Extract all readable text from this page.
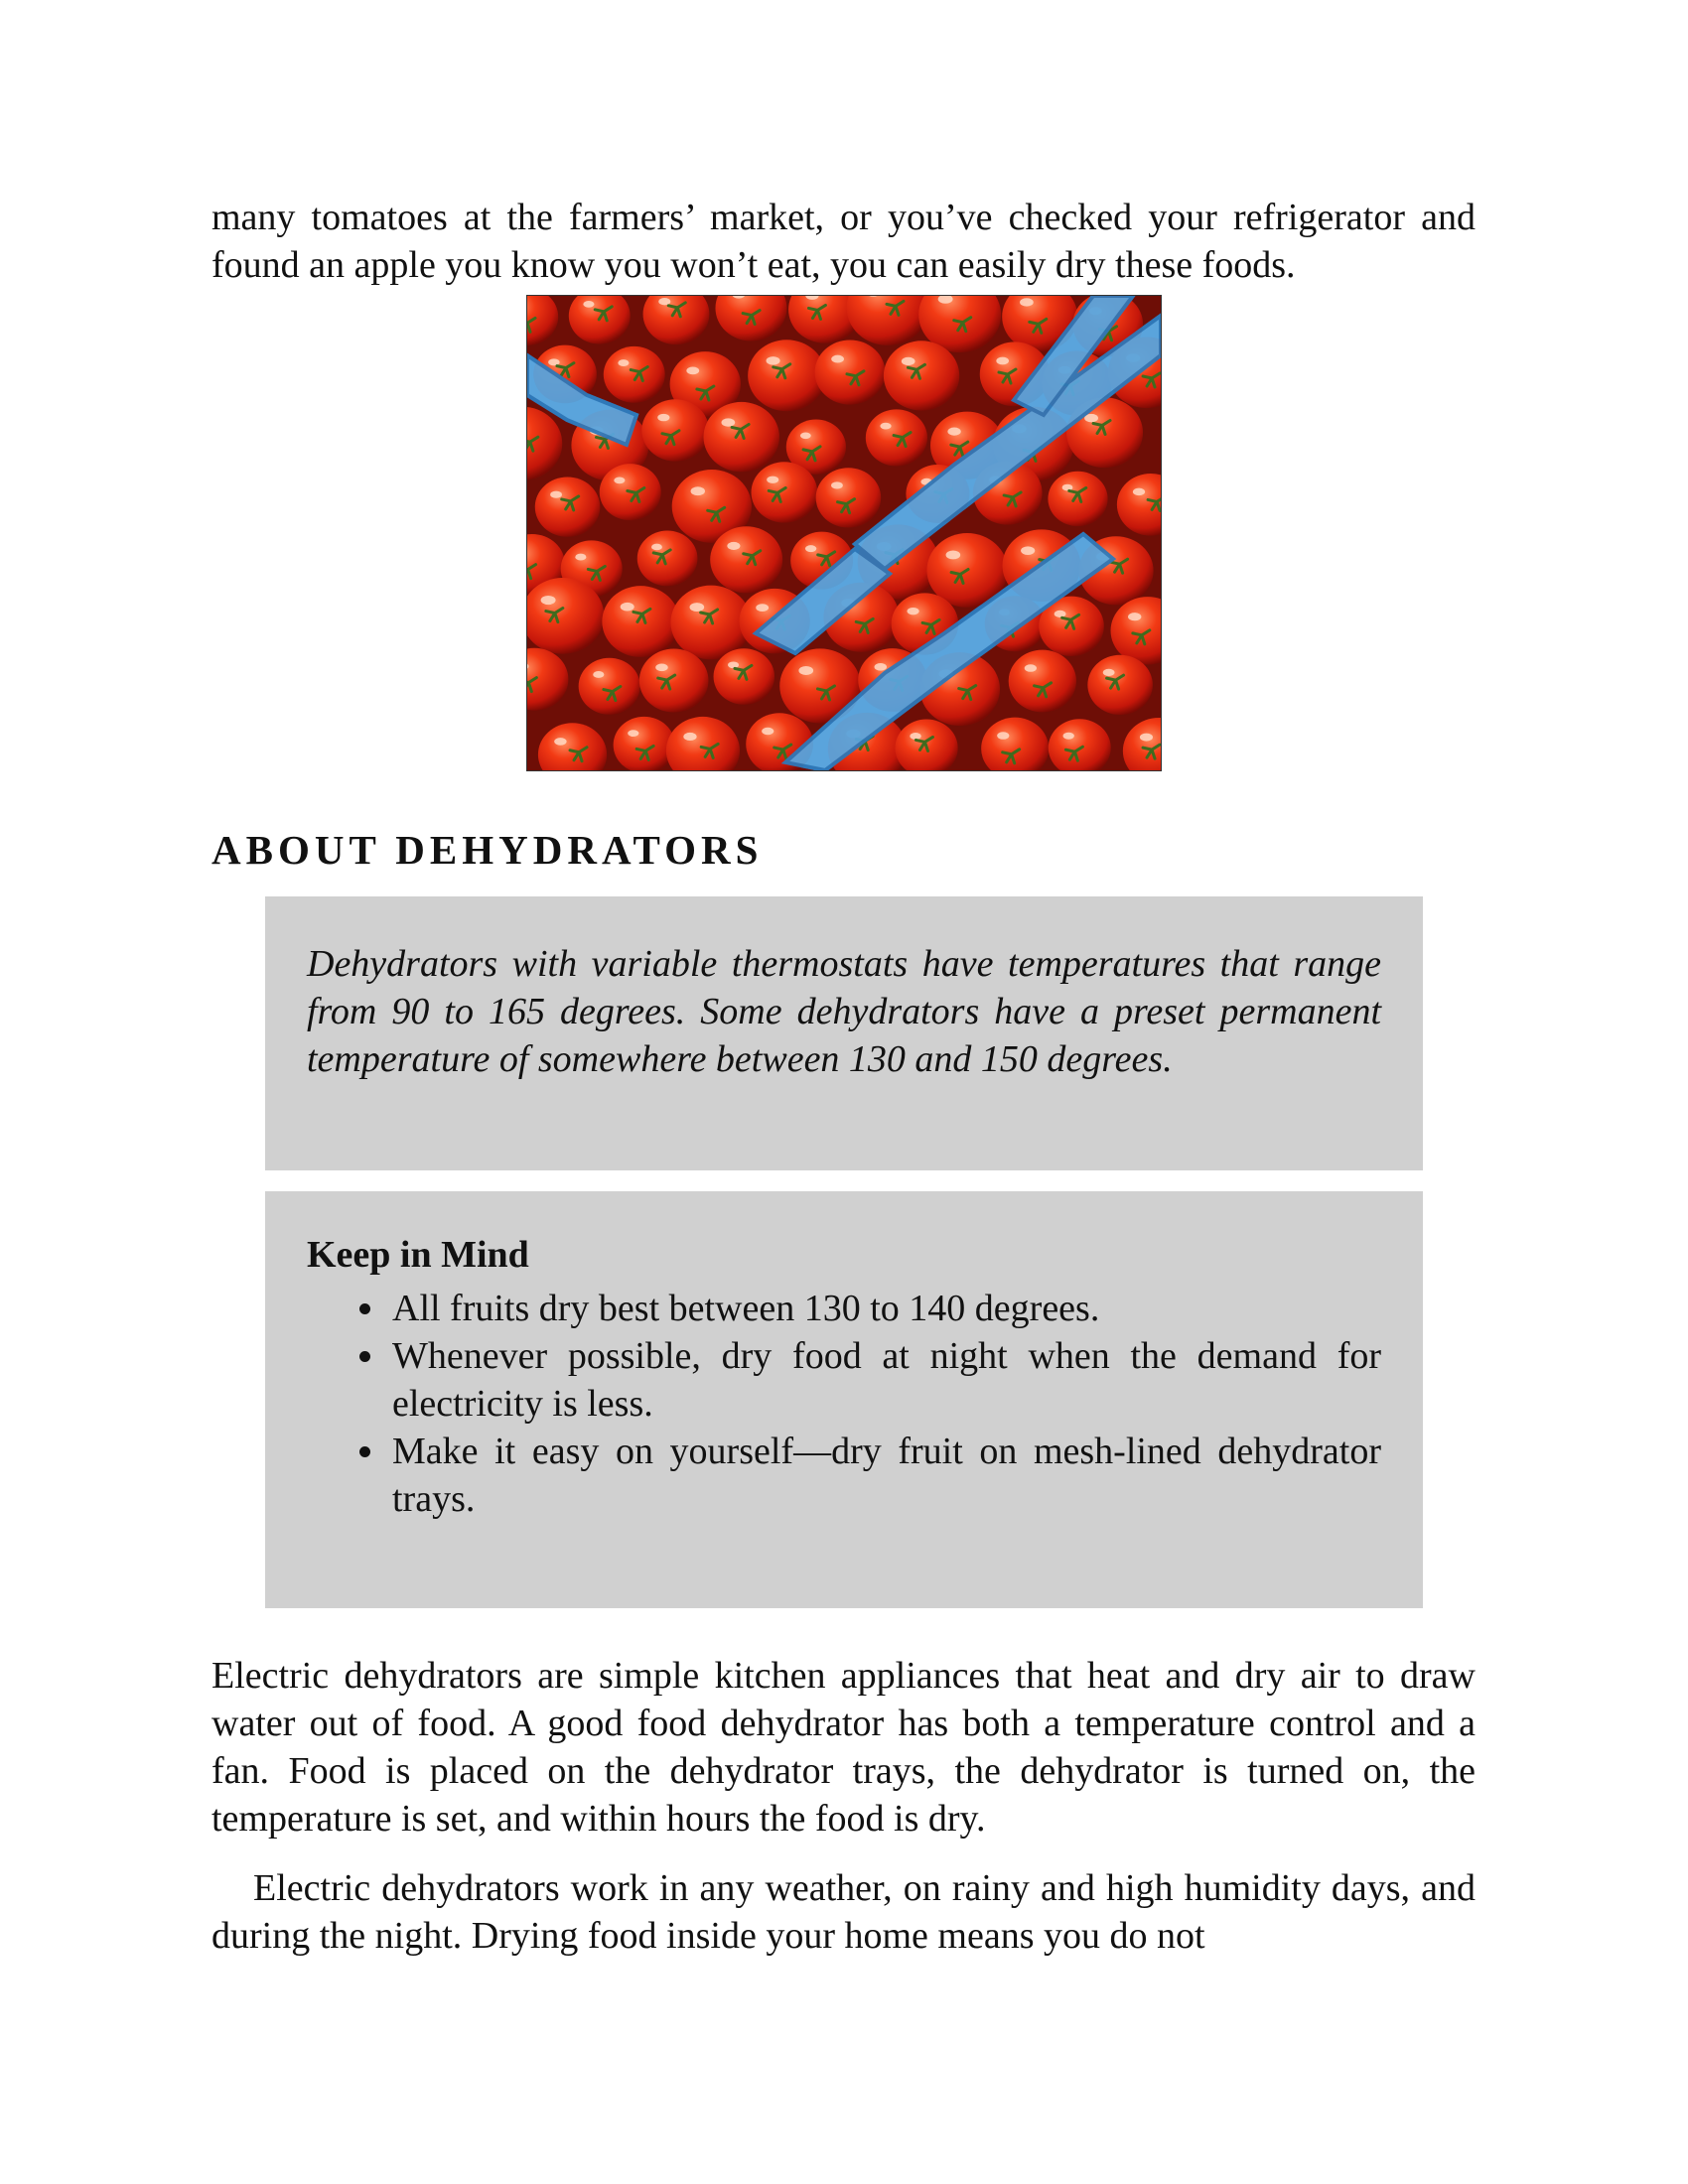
many tomatoes at the farmers’ market, or you’ve checked your refrigerator and found an apple you know you won’t eat, you can easily dry these foods.

ABOUT DEHYDRATORS

Dehydrators with variable thermostats have temperatures that range from 90 to 165 degrees. Some dehydrators have a preset permanent temperature of somewhere between 130 and 150 degrees.

Keep in Mind

• All fruits dry best between 130 to 140 degrees.
• Whenever possible, dry food at night when the demand for electricity is less.
• Make it easy on yourself—dry fruit on mesh-lined dehydrator trays.

Electric dehydrators are simple kitchen appliances that heat and dry air to draw water out of food. A good food dehydrator has both a temperature control and a fan. Food is placed on the dehydrator trays, the dehydrator is turned on, the temperature is set, and within hours the food is dry.

Electric dehydrators work in any weather, on rainy and high humidity days, and during the night. Drying food inside your home means you do not
